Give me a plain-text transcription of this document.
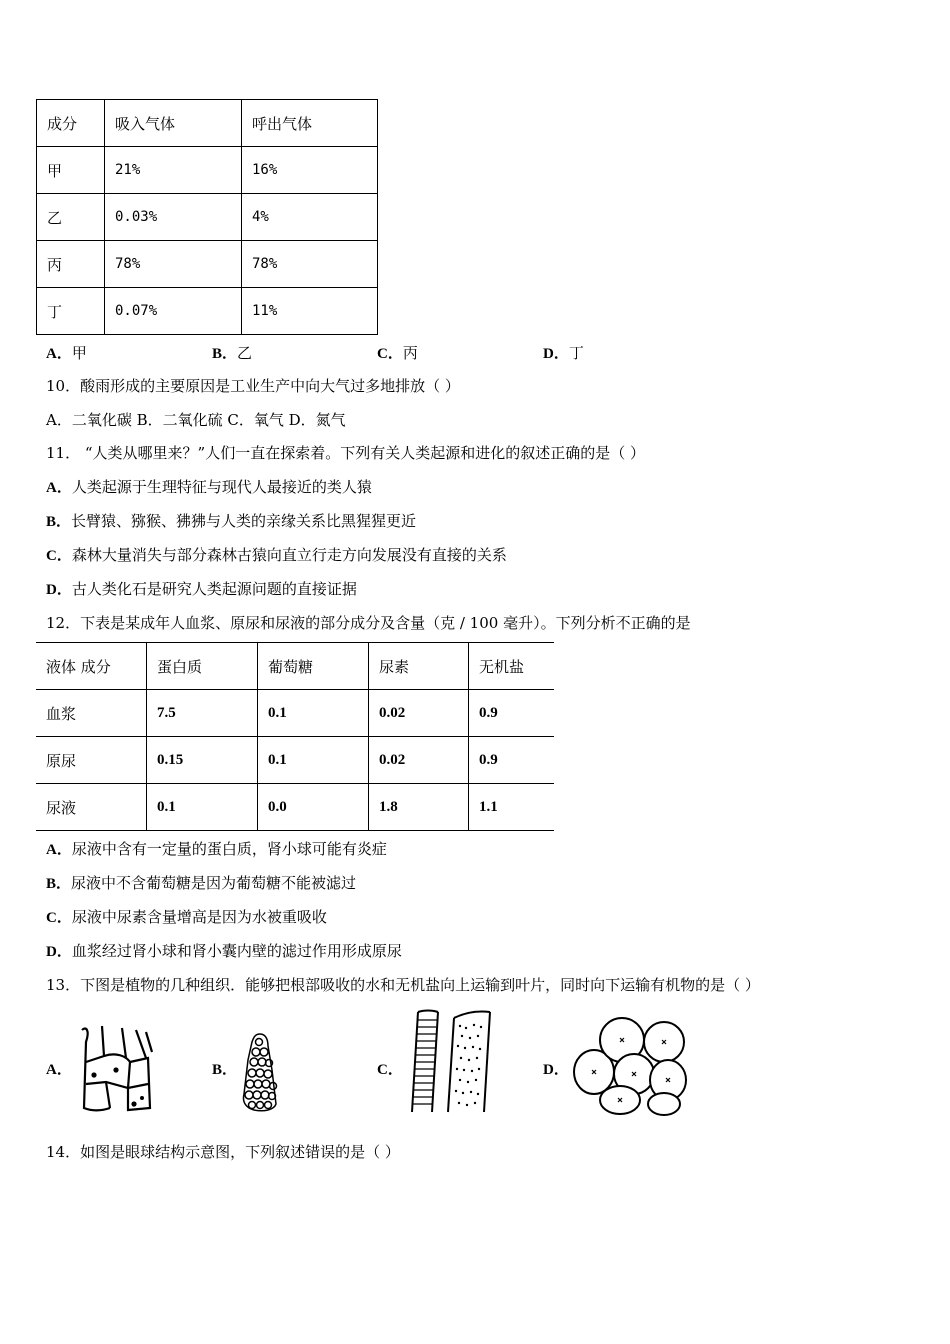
成分	吸入气体	呼出气体
甲	21%	16%
乙	0.03%	4%
丙	78%	78%
丁	0.07%	11%
A．甲	B．乙	C．丙	D．丁
10．酸雨形成的主要原因是工业生产中向大气过多地排放（ ）
A．二氧化碳 B．二氧化硫 C．氧气 D．氮气
11． “人类从哪里来？”人们一直在探索着。下列有关人类起源和进化的叙述正确的是（ ）
A．人类起源于生理特征与现代人最接近的类人猿
B．长臂猿、猕猴、狒狒与人类的亲缘关系比黑猩猩更近
C．森林大量消失与部分森林古猿向直立行走方向发展没有直接的关系
D．古人类化石是研究人类起源问题的直接证据
12．下表是某成年人血浆、原尿和尿液的部分成分及含量（克 / 100 毫升）。下列分析不正确的是
液体 成分	蛋白质	葡萄糖	尿素	无机盐
血浆	7.5	0.1	0.02	0.9
原尿	0.15	0.1	0.02	0.9
尿液	0.1	0.0	1.8	1.1
A．尿液中含有一定量的蛋白质，肾小球可能有炎症
B．尿液中不含葡萄糖是因为葡萄糖不能被滤过
C．尿液中尿素含量增高是因为水被重吸收
D．血浆经过肾小球和肾小囊内壁的滤过作用形成原尿
13．下图是植物的几种组织．能够把根部吸收的水和无机盐向上运输到叶片，同时向下运输有机物的是（ ）
A．	B．	C．	D．
14．如图是眼球结构示意图，下列叙述错误的是（ ）
